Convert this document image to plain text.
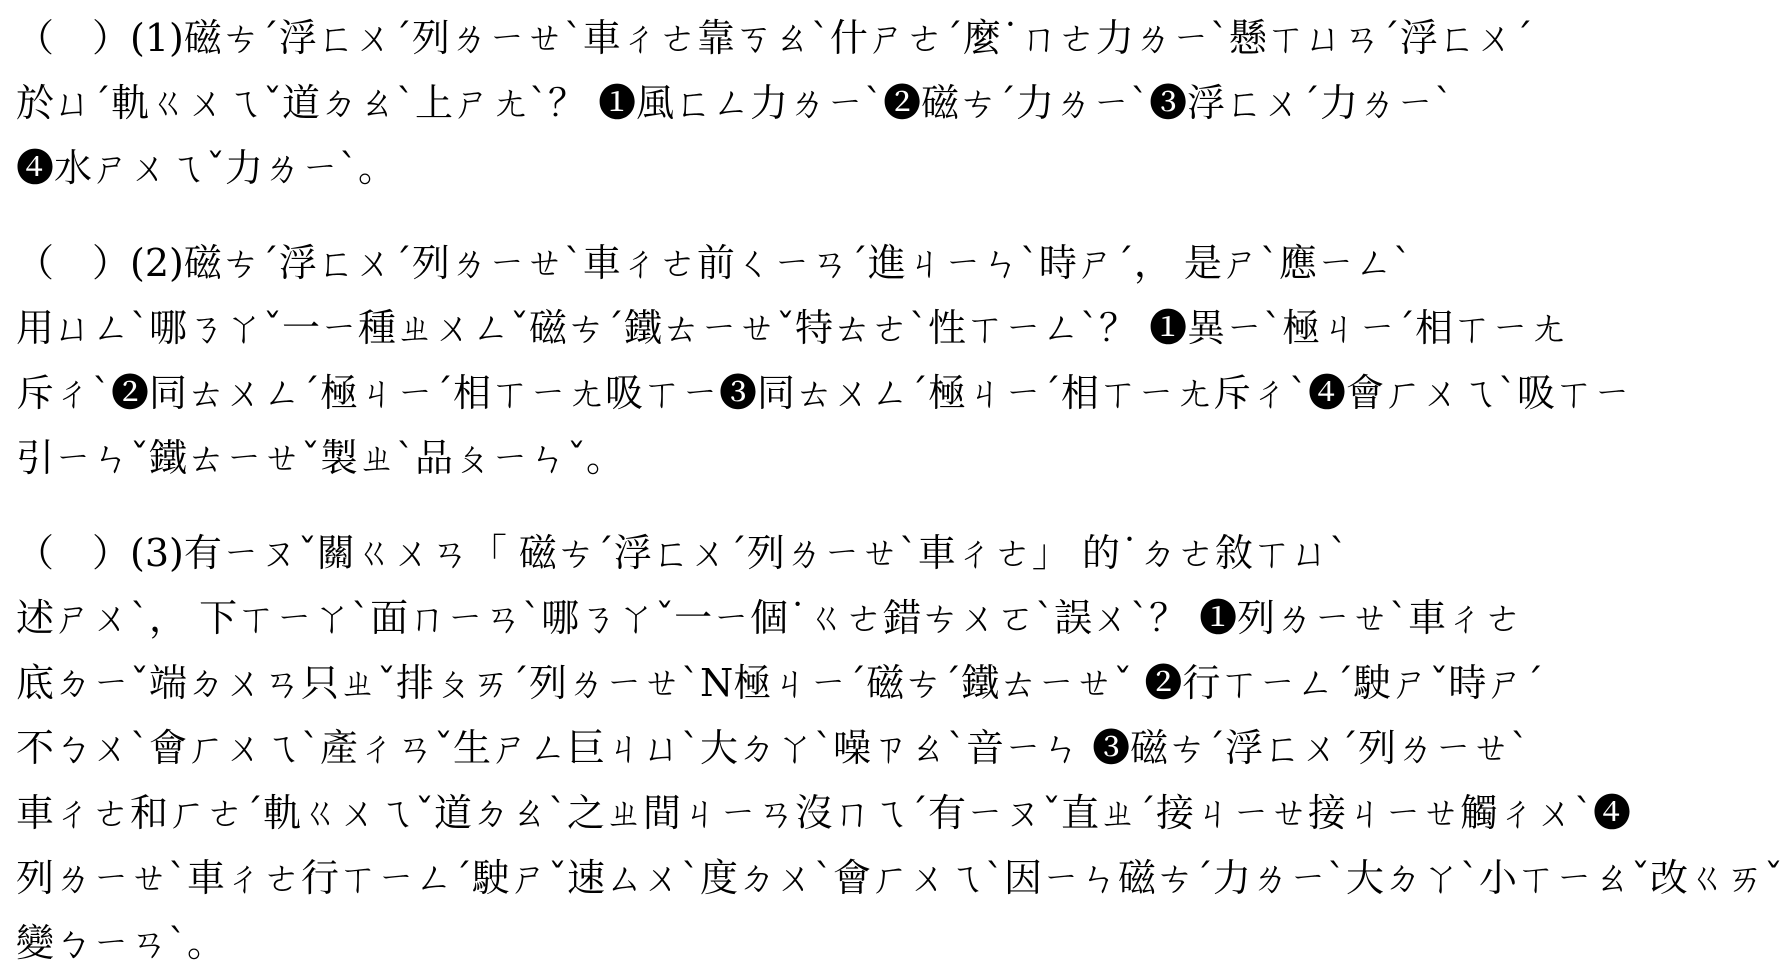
（　）(1)磁ㄘˊ浮ㄈㄨˊ列ㄌㄧㄝˋ車ㄔㄜ靠ㄎㄠˋ什ㄕㄜˊ麼˙ㄇㄜ力ㄌㄧˋ懸ㄒㄩㄢˊ浮ㄈㄨˊ
於ㄩˊ軌ㄍㄨㄟˇ道ㄉㄠˋ上ㄕㄤˋ？ ❶風ㄈㄥ力ㄌㄧˋ❷磁ㄘˊ力ㄌㄧˋ❸浮ㄈㄨˊ力ㄌㄧˋ
❹水ㄕㄨㄟˇ力ㄌㄧˋ。
（　）(2)磁ㄘˊ浮ㄈㄨˊ列ㄌㄧㄝˋ車ㄔㄜ前ㄑㄧㄢˊ進ㄐㄧㄣˋ時ㄕˊ， 是ㄕˋ應ㄧㄥˋ
用ㄩㄥˋ哪ㄋㄚˇ一ㄧ種ㄓㄨㄥˇ磁ㄘˊ鐵ㄊㄧㄝˇ特ㄊㄜˋ性ㄒㄧㄥˋ？ ❶異ㄧˋ極ㄐㄧˊ相ㄒㄧㄤ
斥ㄔˋ❷同ㄊㄨㄥˊ極ㄐㄧˊ相ㄒㄧㄤ吸ㄒㄧ❸同ㄊㄨㄥˊ極ㄐㄧˊ相ㄒㄧㄤ斥ㄔˋ❹會ㄏㄨㄟˋ吸ㄒㄧ
引ㄧㄣˇ鐵ㄊㄧㄝˇ製ㄓˋ品ㄆㄧㄣˇ。
（　）(3)有ㄧㄡˇ關ㄍㄨㄢ「 磁ㄘˊ浮ㄈㄨˊ列ㄌㄧㄝˋ車ㄔㄜ」 的˙ㄉㄜ敘ㄒㄩˋ
述ㄕㄨˋ， 下ㄒㄧㄚˋ面ㄇㄧㄢˋ哪ㄋㄚˇ一ㄧ個˙ㄍㄜ錯ㄘㄨㄛˋ誤ㄨˋ？ ❶列ㄌㄧㄝˋ車ㄔㄜ
底ㄉㄧˇ端ㄉㄨㄢ只ㄓˇ排ㄆㄞˊ列ㄌㄧㄝˋN極ㄐㄧˊ磁ㄘˊ鐵ㄊㄧㄝˇ ❷行ㄒㄧㄥˊ駛ㄕˇ時ㄕˊ
不ㄅㄨˋ會ㄏㄨㄟˋ產ㄔㄢˇ生ㄕㄥ巨ㄐㄩˋ大ㄉㄚˋ噪ㄗㄠˋ音ㄧㄣ ❸磁ㄘˊ浮ㄈㄨˊ列ㄌㄧㄝˋ
車ㄔㄜ和ㄏㄜˊ軌ㄍㄨㄟˇ道ㄉㄠˋ之ㄓ間ㄐㄧㄢ沒ㄇㄟˊ有ㄧㄡˇ直ㄓˊ接ㄐㄧㄝ接ㄐㄧㄝ觸ㄔㄨˋ❹
列ㄌㄧㄝˋ車ㄔㄜ行ㄒㄧㄥˊ駛ㄕˇ速ㄙㄨˋ度ㄉㄨˋ會ㄏㄨㄟˋ因ㄧㄣ磁ㄘˊ力ㄌㄧˋ大ㄉㄚˋ小ㄒㄧㄠˇ改ㄍㄞˇ
變ㄅㄧㄢˋ。
